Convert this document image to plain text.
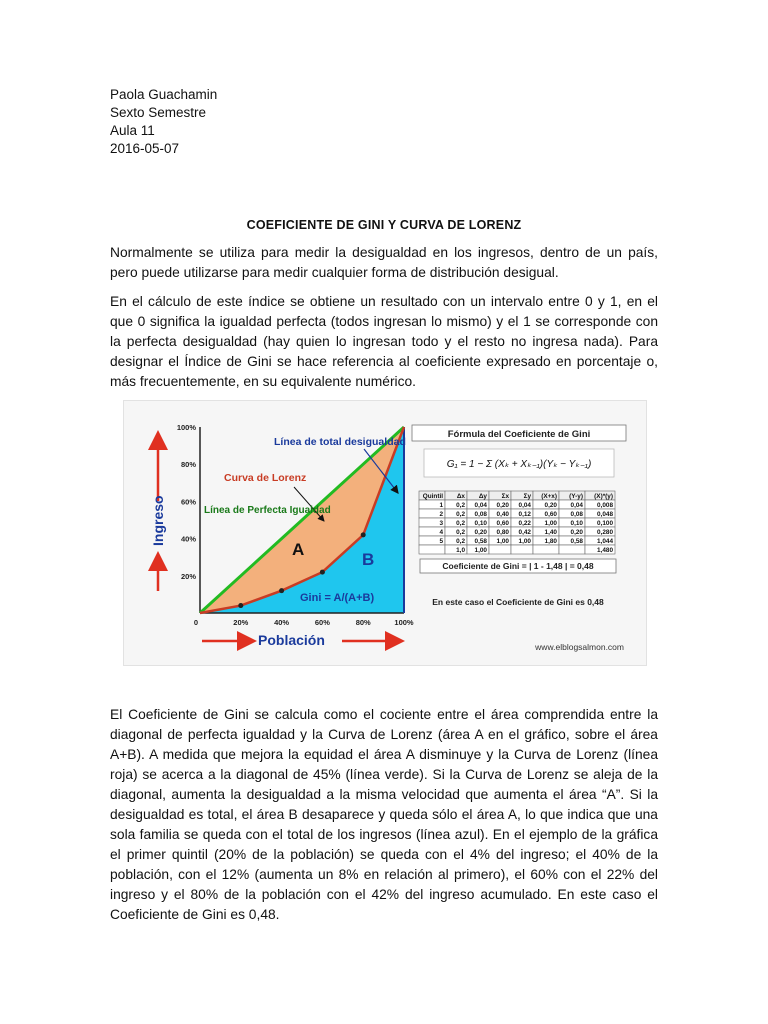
Paola Guachamin
Sexto Semestre
Aula 11
2016-05-07
COEFICIENTE DE GINI Y CURVA DE LORENZ
Normalmente se utiliza para medir la desigualdad en los ingresos, dentro de un país, pero puede utilizarse para medir cualquier forma de distribución desigual.
En el cálculo de este índice se obtiene un resultado con un intervalo entre 0 y 1, en el que 0 significa la igualdad perfecta (todos ingresan lo mismo) y el 1 se corresponde con la perfecta desigualdad (hay quien lo ingresan todo y el resto no ingresa nada). Para designar el Índice de Gini se hace referencia al coeficiente expresado en porcentaje o, más frecuentemente, en su equivalente numérico.
100%
80%
60%
40%
20%
0	20%	40%	60%	80%	100%
Ingreso
Población
Línea de total desigualdad
Curva de Lorenz
Línea de Perfecta Igualdad
A
B
Gini = A/(A+B)
Fórmula del Coeficiente de Gini
G₁ = 1 − Σ (Xₖ + Xₖ₋₁)(Yₖ − Yₖ₋₁)
Quintil Δx Δy Σx Σy (X+x) (Y-y) (X)*(y)
1 0,2 0,04 0,20 0,04 0,20 0,04 0,008
2 0,2 0,08 0,40 0,12 0,60 0,08 0,048
3 0,2 0,10 0,60 0,22 1,00 0,10 0,100
4 0,2 0,20 0,80 0,42 1,40 0,20 0,280
5 0,2 0,58 1,00 1,00 1,80 0,58 1,044
1,0 1,00	1,480
Coeficiente de Gini = | 1 - 1,48 | = 0,48
En este caso el Coeficiente de Gini es 0,48
www.elblogsalmon.com
El Coeficiente de Gini se calcula como el cociente entre el área comprendida entre la diagonal de perfecta igualdad y la Curva de Lorenz (área A en el gráfico, sobre el área A+B). A medida que mejora la equidad el área A disminuye y la Curva de Lorenz (línea roja) se acerca a la diagonal de 45% (línea verde). Si la Curva de Lorenz se aleja de la diagonal, aumenta la desigualdad a la misma velocidad que aumenta el área “A”. Si la desigualdad es total, el área B desaparece y queda sólo el área A, lo que indica que una sola familia se queda con el total de los ingresos (línea azul). En el ejemplo de la gráfica el primer quintil (20% de la población) se queda con el 4% del ingreso; el 40% de la población, con el 12% (aumenta un 8% en relación al primero), el 60% con el 22% del ingreso y el 80% de la población con el 42% del ingreso acumulado. En este caso el Coeficiente de Gini es 0,48.
